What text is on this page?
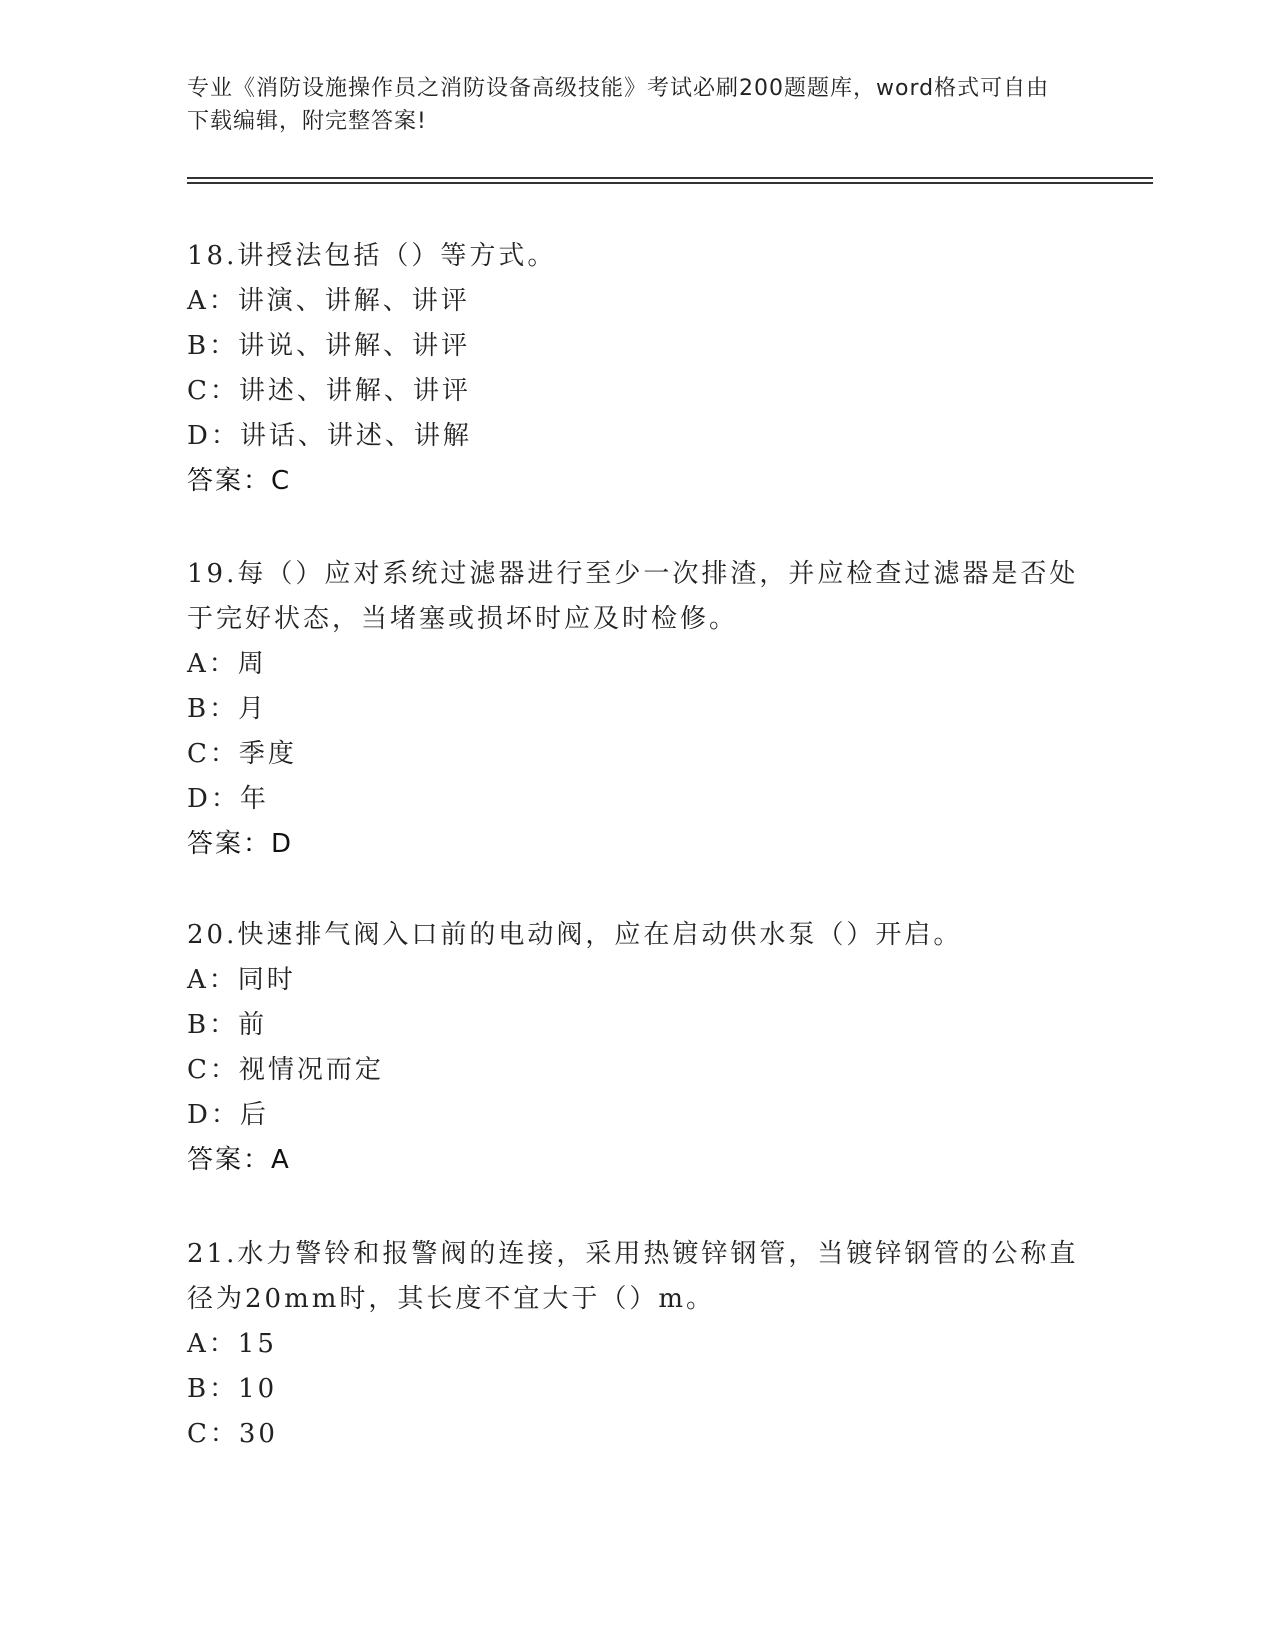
专业《消防设施操作员之消防设备高级技能》考试必刷200题题库，word格式可自由下载编辑，附完整答案!

18.讲授法包括（）等方式。

A：讲演、讲解、讲评

B：讲说、讲解、讲评

C：讲述、讲解、讲评

D：讲话、讲述、讲解

答案：C

19.每（）应对系统过滤器进行至少一次排渣，并应检查过滤器是否处于完好状态，当堵塞或损坏时应及时检修。

A：周

B：月

C：季度

D：年

答案：D

20.快速排气阀入口前的电动阀，应在启动供水泵（）开启。

A：同时

B：前

C：视情况而定

D：后

答案：A

21.水力警铃和报警阀的连接，采用热镀锌钢管，当镀锌钢管的公称直径为20mm时，其长度不宜大于（）m。

A：15

B：10

C：30
